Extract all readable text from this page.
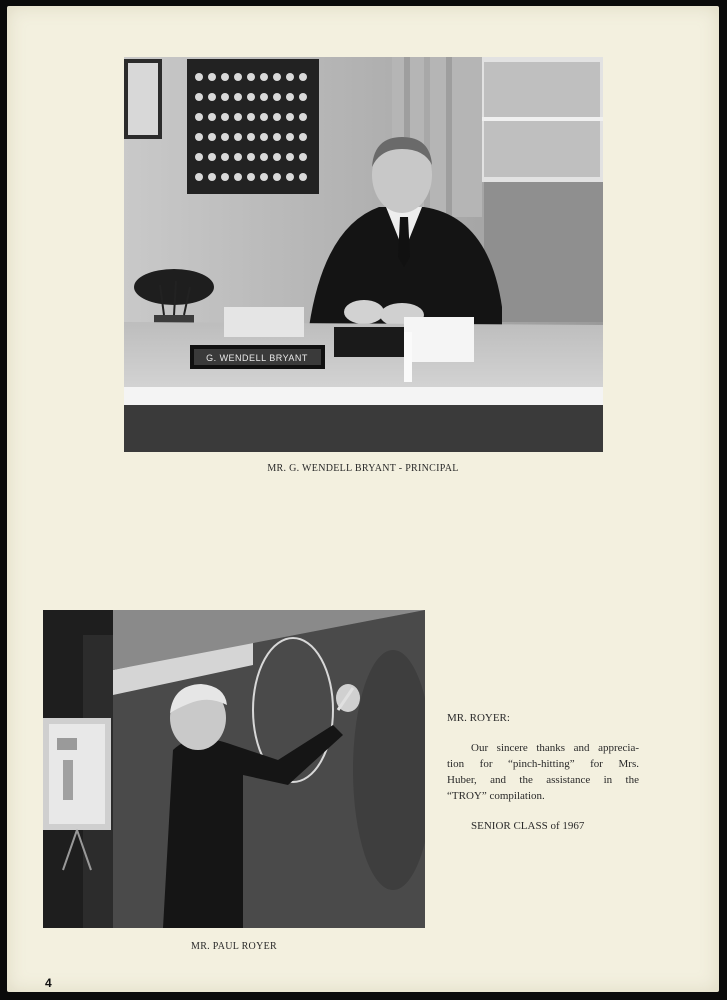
G. WENDELL BRYANT
MR. G. WENDELL BRYANT - PRINCIPAL
MR. PAUL ROYER

MR. ROYER:

Our sincere thanks and apprecia-

tion for “pinch-hitting” for Mrs.

Huber, and the assistance in the

“TROY” compilation.

SENIOR CLASS of 1967

4
